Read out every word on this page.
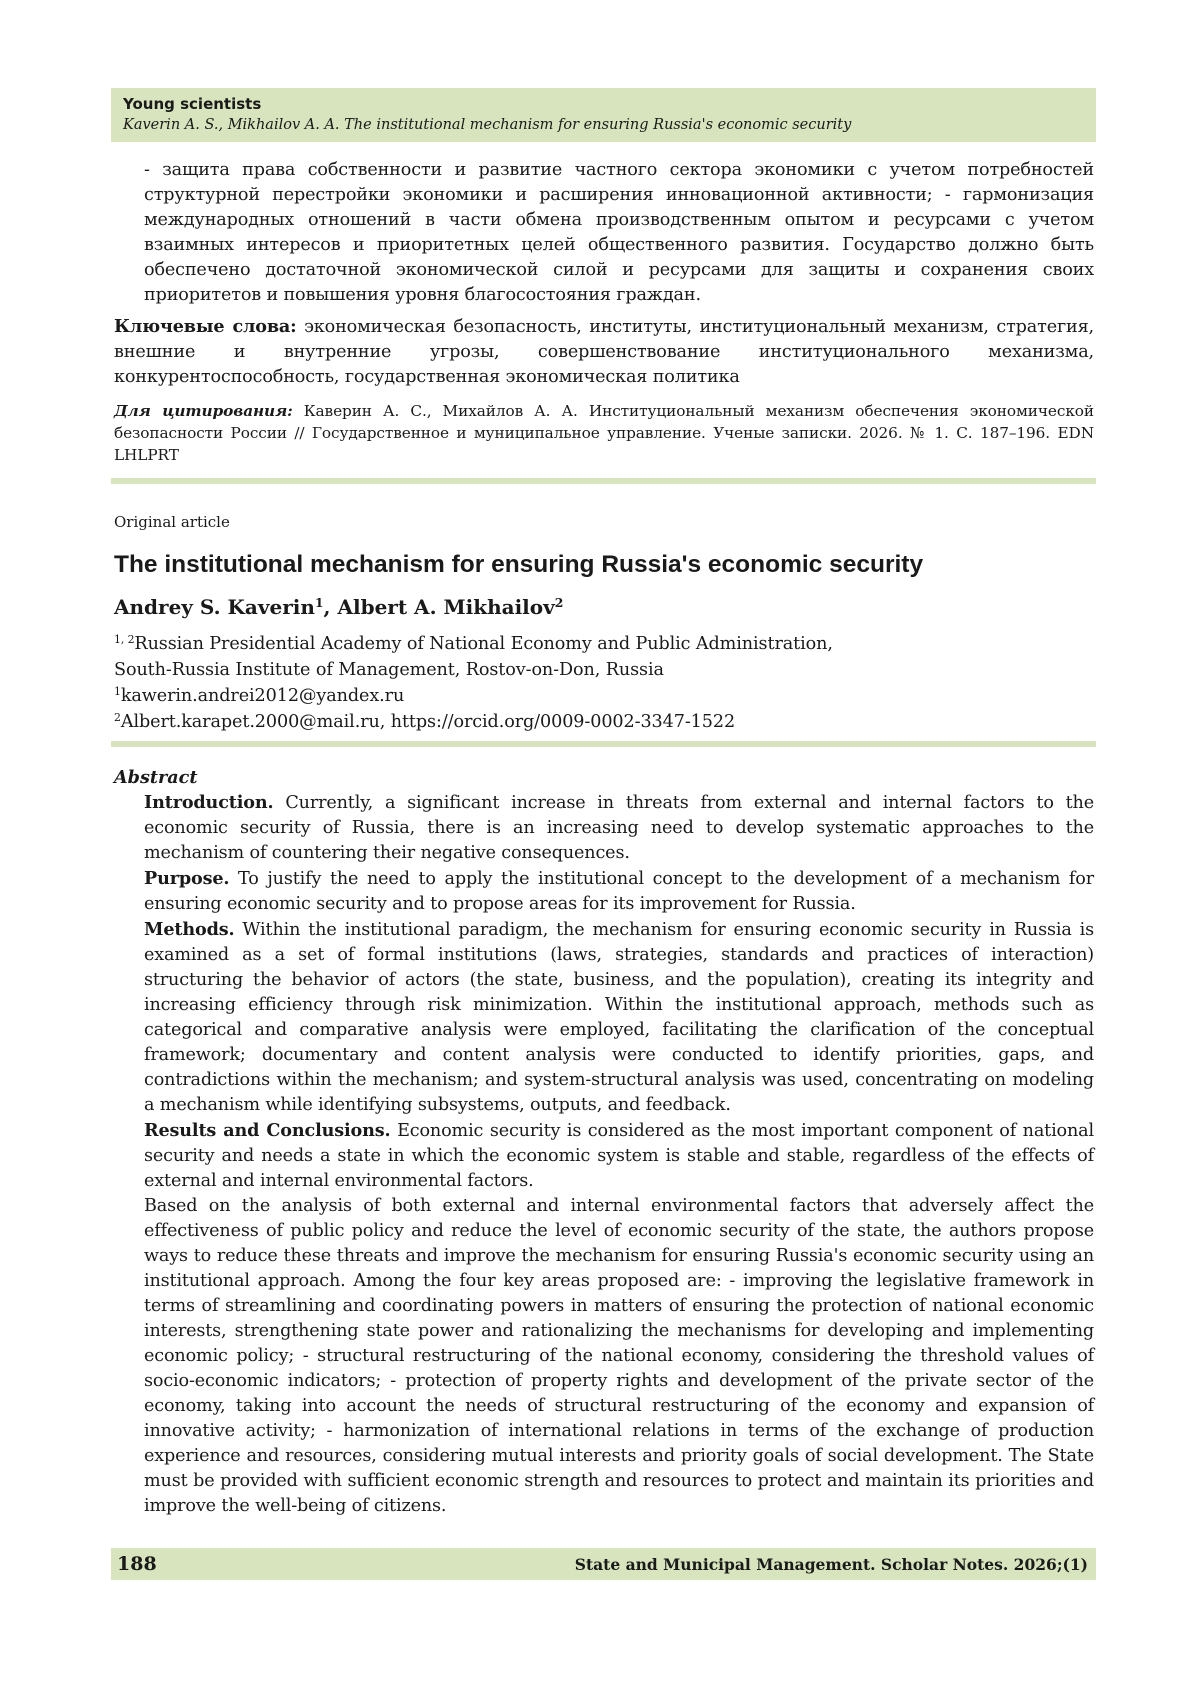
Young scientists
Kaverin A. S., Mikhailov A. A. The institutional mechanism for ensuring Russia's economic security
- защита права собственности и развитие частного сектора экономики с учетом потребностей структурной перестройки экономики и расширения инновационной активности; - гармонизация международных отношений в части обмена производственным опытом и ресурсами с учетом взаимных интересов и приоритетных целей общественного развития. Государство должно быть обеспечено достаточной экономической силой и ресурсами для защиты и сохранения своих приоритетов и повышения уровня благосостояния граждан.
Ключевые слова: экономическая безопасность, институты, институциональный механизм, стратегия, внешние и внутренние угрозы, совершенствование институционального механизма, конкурентоспособность, государственная экономическая политика
Для цитирования: Каверин А. С., Михайлов А. А. Институциональный механизм обеспечения экономической безопасности России // Государственное и муниципальное управление. Ученые записки. 2026. № 1. С. 187–196. EDN LHLPRT
Original article
The institutional mechanism for ensuring Russia's economic security
Andrey S. Kaverin$^1$, Albert A. Mikhailov$^2$
$^{1, 2}$Russian Presidential Academy of National Economy and Public Administration,
South-Russia Institute of Management, Rostov-on-Don, Russia
$^1$kawerin.andrei2012@yandex.ru
$^2$Albert.karapet.2000@mail.ru, https://orcid.org/0009-0002-3347-1522
Abstract

Introduction. Currently, a significant increase in threats from external and internal factors to the economic security of Russia, there is an increasing need to develop systematic approaches to the mechanism of countering their negative consequences.

Purpose. To justify the need to apply the institutional concept to the development of a mechanism for ensuring economic security and to propose areas for its improvement for Russia.

Methods. Within the institutional paradigm, the mechanism for ensuring economic security in Russia is examined as a set of formal institutions (laws, strategies, standards and practices of interaction) structuring the behavior of actors (the state, business, and the population), creating its integrity and increasing efficiency through risk minimization. Within the institutional approach, methods such as categorical and comparative analysis were employed, facilitating the clarification of the conceptual framework; documentary and content analysis were conducted to identify priorities, gaps, and contradictions within the mechanism; and system-structural analysis was used, concentrating on modeling a mechanism while identifying subsystems, outputs, and feedback.

Results and Conclusions. Economic security is considered as the most important component of national security and needs a state in which the economic system is stable and stable, regardless of the effects of external and internal environmental factors.

Based on the analysis of both external and internal environmental factors that adversely affect the effectiveness of public policy and reduce the level of economic security of the state, the authors propose ways to reduce these threats and improve the mechanism for ensuring Russia's economic security using an institutional approach. Among the four key areas proposed are: - improving the legislative framework in terms of streamlining and coordinating powers in matters of ensuring the protection of national economic interests, strengthening state power and rationalizing the mechanisms for developing and implementing economic policy; - structural restructuring of the national economy, considering the threshold values of socio-economic indicators; - protection of property rights and development of the private sector of the economy, taking into account the needs of structural restructuring of the economy and expansion of innovative activity; - harmonization of international relations in terms of the exchange of production experience and resources, considering mutual interests and priority goals of social development. The State must be provided with sufficient economic strength and resources to protect and maintain its priorities and improve the well-being of citizens.

188	State and Municipal Management. Scholar Notes. 2026;(1)
